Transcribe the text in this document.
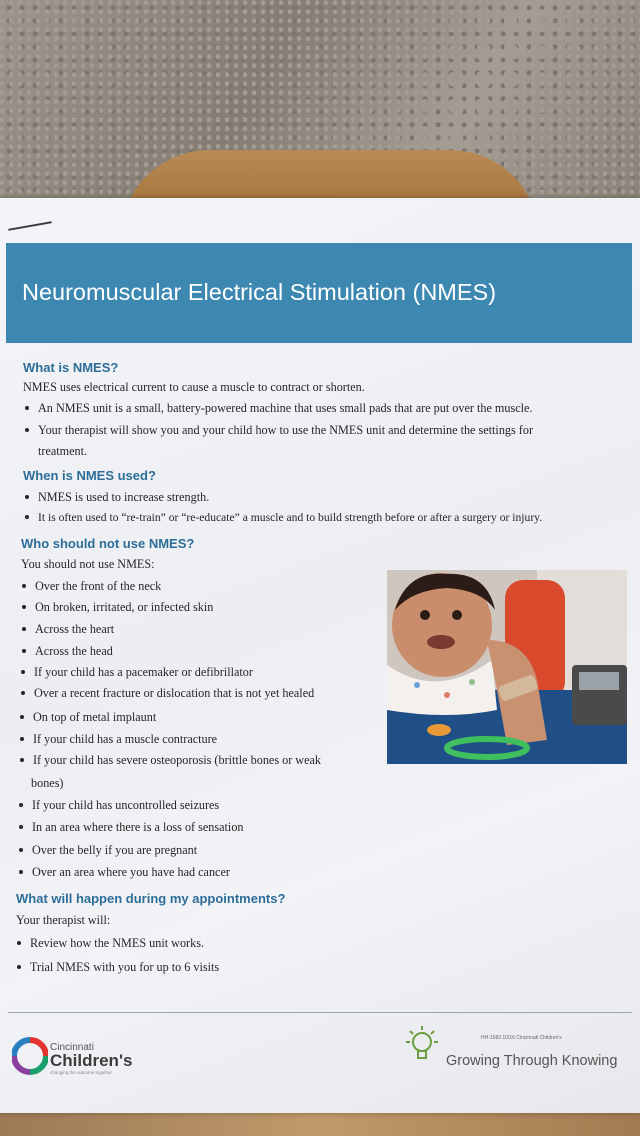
Neuromuscular Electrical Stimulation (NMES)
What is NMES?
NMES uses electrical current to cause a muscle to contract or shorten.
An NMES unit is a small, battery-powered machine that uses small pads that are put over the muscle.
Your therapist will show you and your child how to use the NMES unit and determine the settings for
treatment.
When is NMES used?
NMES is used to increase strength.
It is often used to “re-train” or “re-educate” a muscle and to build strength before or after a surgery or injury.
Who should not use NMES?
You should not use NMES:
Over the front of the neck
On broken, irritated, or infected skin
Across the heart
Across the head
If your child has a pacemaker or defibrillator
Over a recent fracture or dislocation that is not yet healed
On top of metal implaunt
If your child has a muscle contracture
If your child has severe osteoporosis (brittle bones or weak
bones)
If your child has uncontrolled seizures
In an area where there is a loss of sensation
Over the belly if you are pregnant
Over an area where you have had cancer
What will happen during my appointments?
Your therapist will:
Review how the NMES unit works.
Trial NMES with you for up to 6 visits
Cincinnati
Children's
changing the outcome together
HH-1583 10/16 Cincinnati Children's
Growing Through Knowing
